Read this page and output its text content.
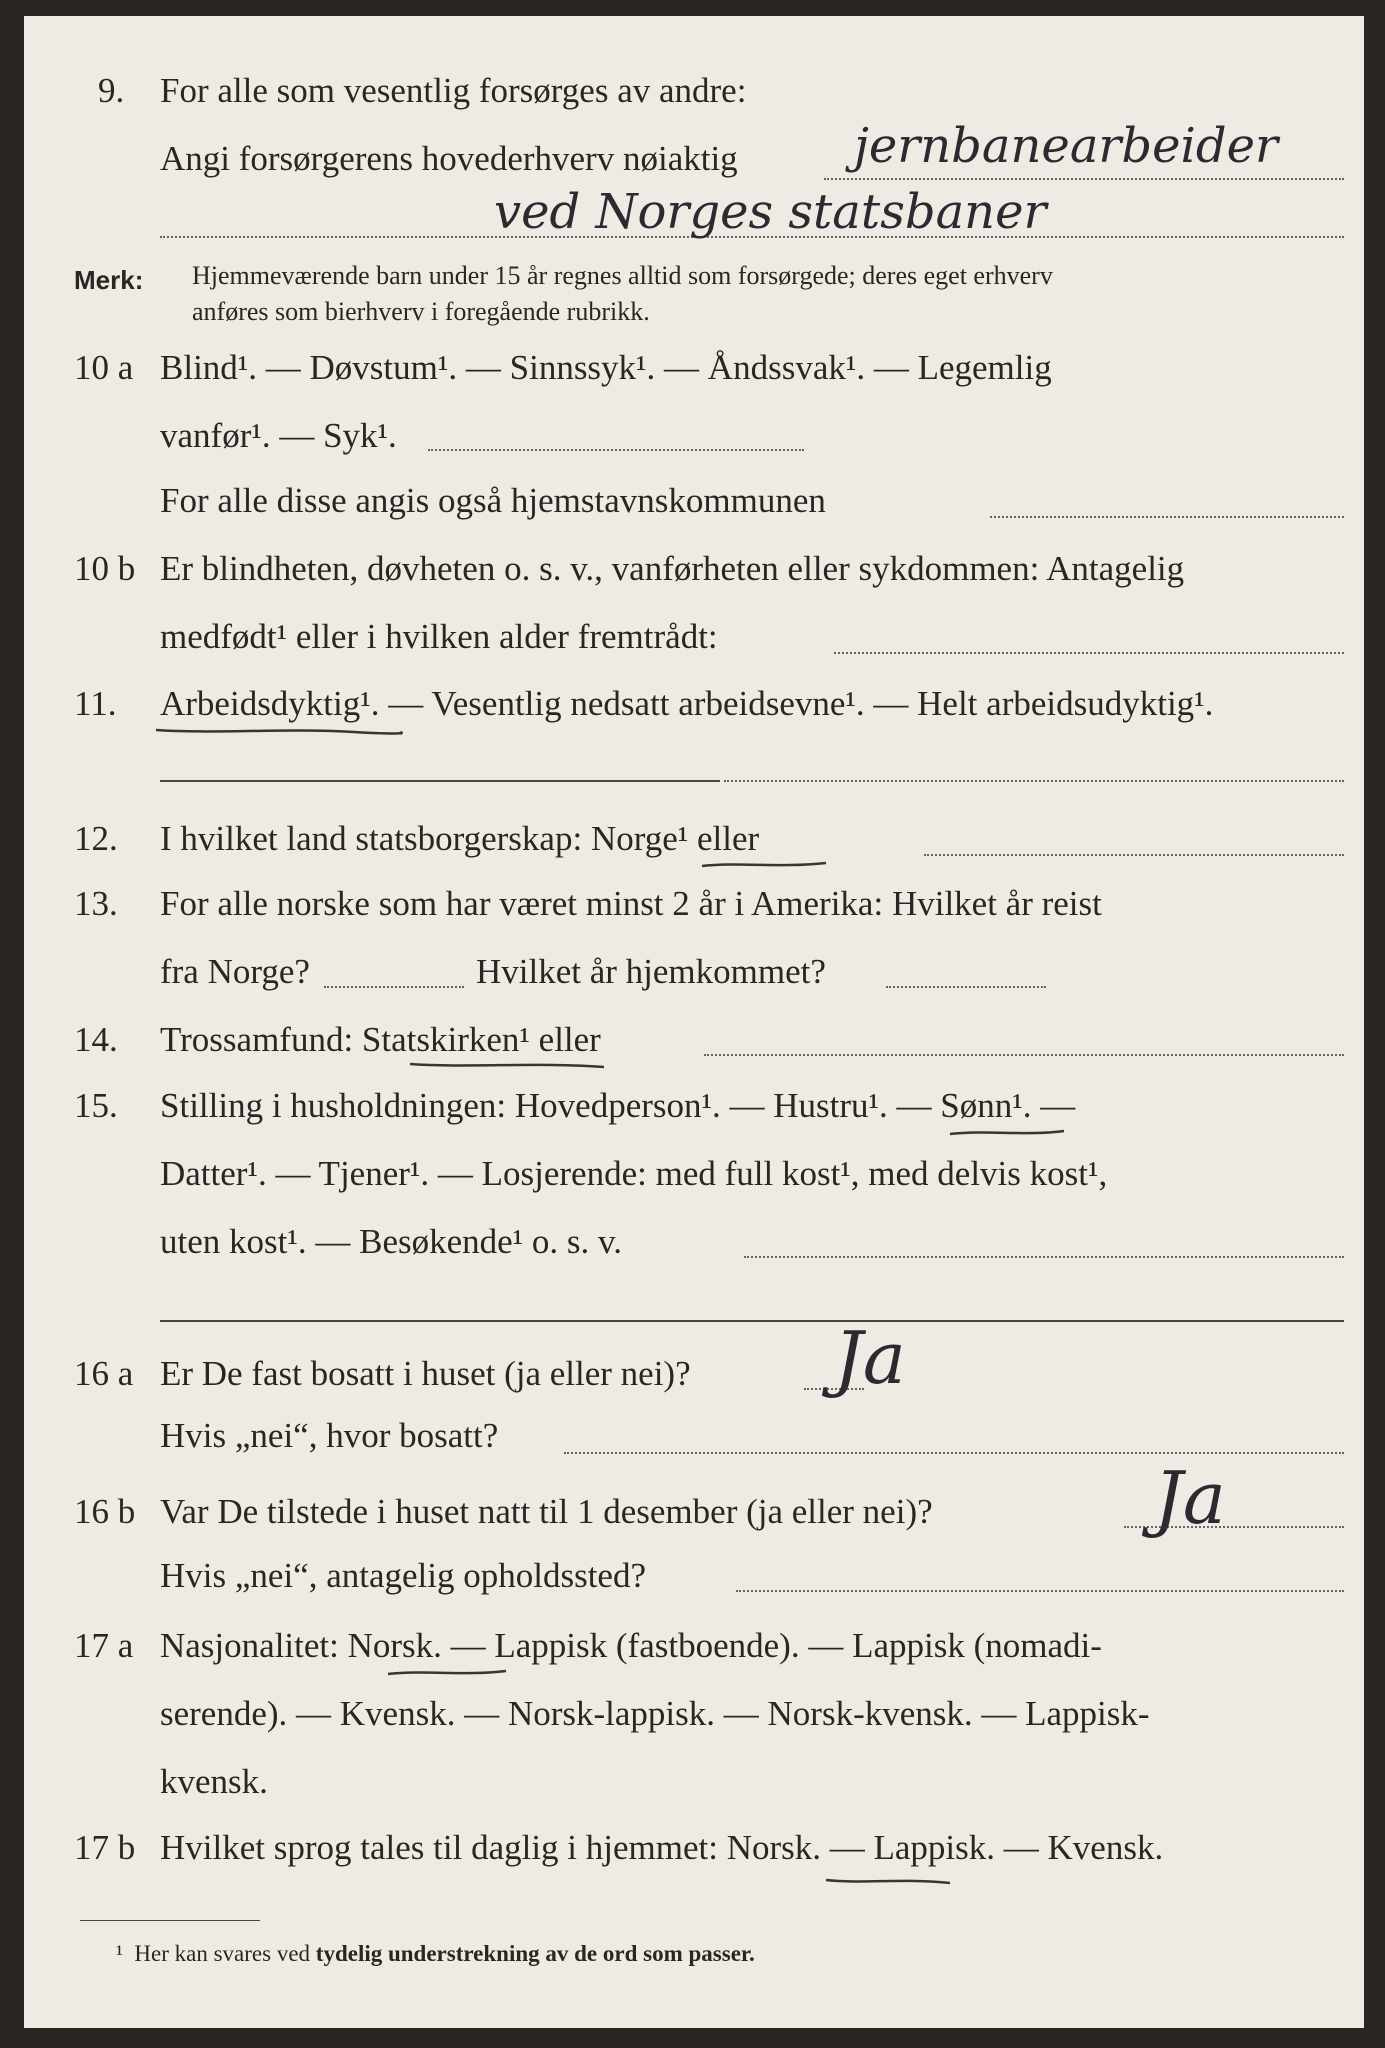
9. For alle som vesentlig forsørges av andre:
Angi forsørgerens hovederhverv nøiaktig jernbanearbeider
ved Norges statsbaner
Merk: Hjemmeværende barn under 15 år regnes alltid som forsørgede; deres eget erhverv
anføres som bierhverv i foregående rubrikk.
10 a Blind¹. — Døvstum¹. — Sinnssyk¹. — Åndssvak¹. — Legemlig
vanfør¹. — Syk¹.
For alle disse angis også hjemstavnskommunen
10 b Er blindheten, døvheten o. s. v., vanførheten eller sykdommen: Antagelig
medfødt¹ eller i hvilken alder fremtrådt:
11. Arbeidsdyktig¹. — Vesentlig nedsatt arbeidsevne¹. — Helt arbeidsudyktig¹.
12. I hvilket land statsborgerskap: Norge¹ eller
13. For alle norske som har været minst 2 år i Amerika: Hvilket år reist
fra Norge?	Hvilket år hjemkommet?
14. Trossamfund: Statskirken¹ eller
15. Stilling i husholdningen: Hovedperson¹. — Hustru¹. — Sønn¹. —
Datter¹. — Tjener¹. — Losjerende: med full kost¹, med delvis kost¹,
uten kost¹. — Besøkende¹ o. s. v.
16 a Er De fast bosatt i huset (ja eller nei)? Ja
Hvis „nei“, hvor bosatt?
16 b Var De tilstede i huset natt til 1 desember (ja eller nei)?	Ja
Hvis „nei“, antagelig opholdssted?
17 a Nasjonalitet: Norsk. — Lappisk (fastboende). — Lappisk (nomadi-
serende). — Kvensk. — Norsk-lappisk. — Norsk-kvensk. — Lappisk-
kvensk.
17 b Hvilket sprog tales til daglig i hjemmet: Norsk. — Lappisk. — Kvensk.
¹ Her kan svares ved tydelig understrekning av de ord som passer.
